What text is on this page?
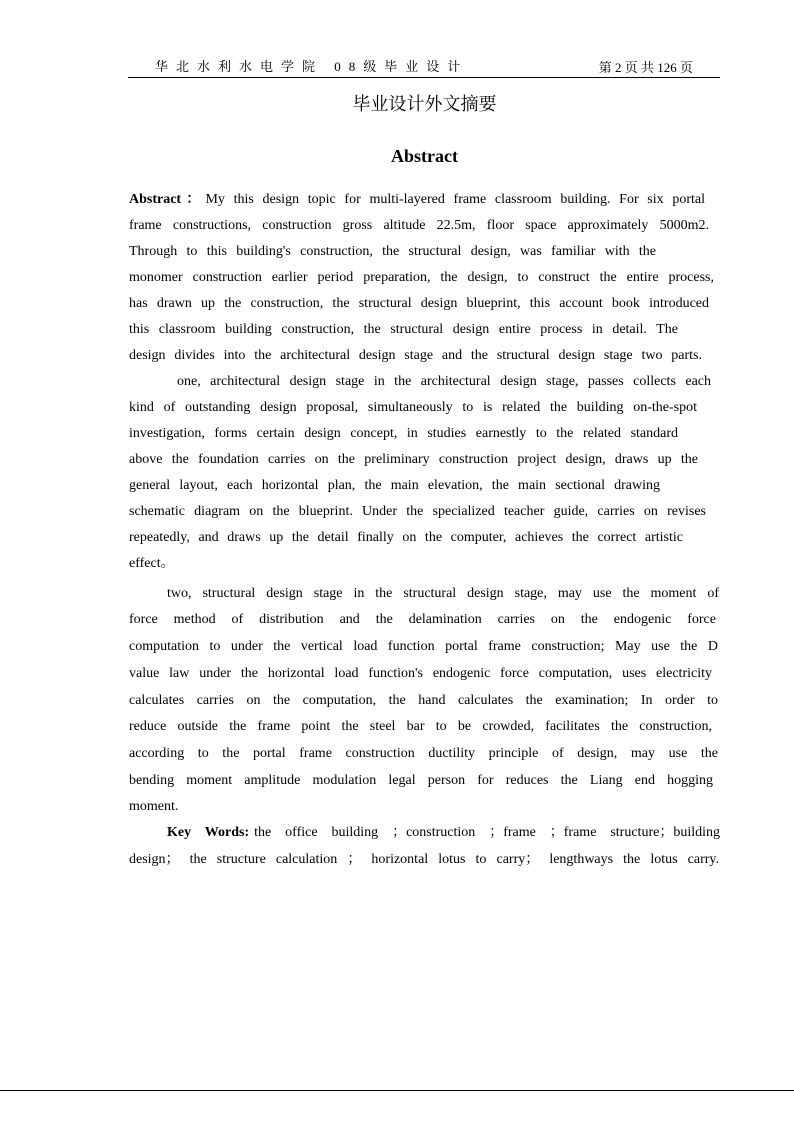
华北水利水电学院 08级毕业设计	第 2 页 共 126 页
毕业设计外文摘要
Abstract
Abstract：My this design topic for multi-layered frame classroom building. For six portal
frame constructions, construction gross altitude 22.5m, floor space approximately 5000m2.
Through to this building's construction, the structural design, was familiar with the
monomer construction earlier period preparation, the design, to construct the entire process,
has drawn up the construction, the structural design blueprint, this account book introduced
this classroom building construction, the structural design entire process in detail. The
design divides into the architectural design stage and the structural design stage two parts.
one, architectural design stage in the architectural design stage, passes collects each
kind of outstanding design proposal, simultaneously to is related the building on-the-spot
investigation, forms certain design concept, in studies earnestly to the related standard
above the foundation carries on the preliminary construction project design, draws up the
general layout, each horizontal plan, the main elevation, the main sectional drawing
schematic diagram on the blueprint. Under the specialized teacher guide, carries on revises
repeatedly, and draws up the detail finally on the computer, achieves the correct artistic
effect。
two, structural design stage in the structural design stage, may use the moment of
force method of distribution and the delamination carries on the endogenic force
computation to under the vertical load function portal frame construction; May use the D
value law under the horizontal load function's endogenic force computation, uses electricity
calculates carries on the computation, the hand calculates the examination; In order to
reduce outside the frame point the steel bar to be crowded, facilitates the construction,
according to the portal frame construction ductility principle of design, may use the
bending moment amplitude modulation legal person for reduces the Liang end hogging
moment.
Key Words: the office building ；construction ；frame ；frame structure；building
design； the structure calculation ； horizontal lotus to carry； lengthways the lotus carry.
